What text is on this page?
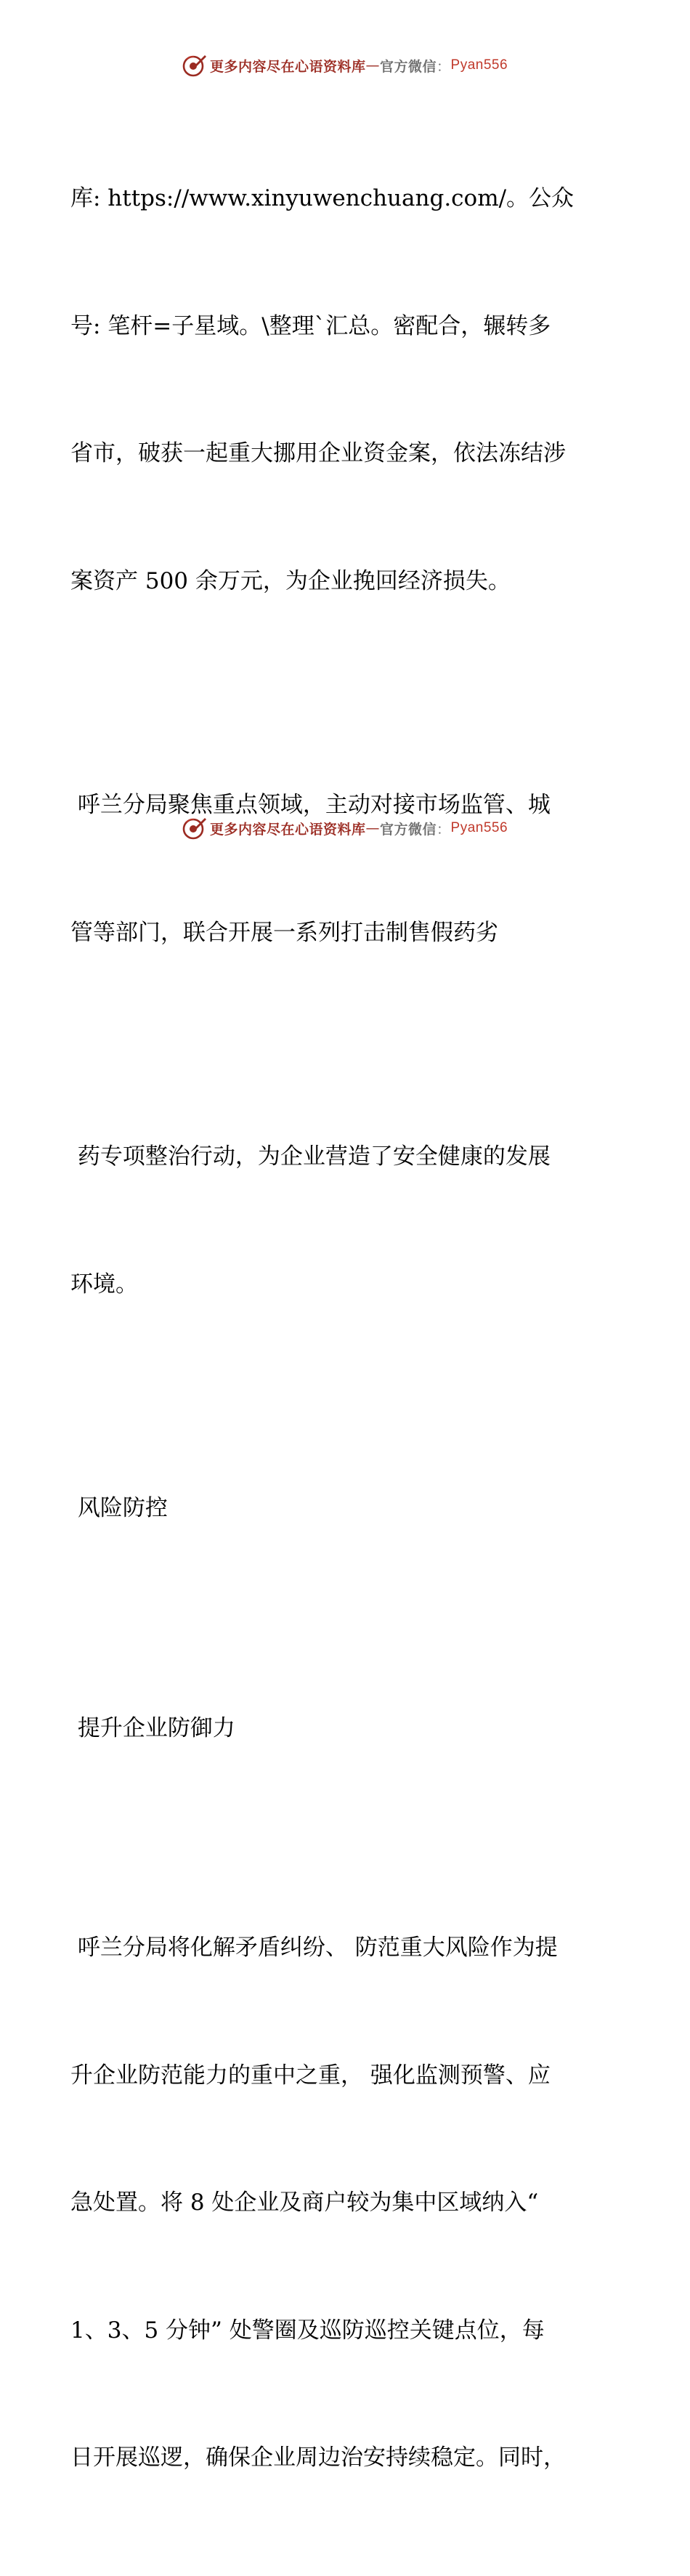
更多内容尽在心语资料库 — 官方微信 ： Pyan556

库: https://www.xinyuwenchuang.com/。公众

号: 笔杆=子星域。\整理`汇总。密配合，辗转多

省市，破获一起重大挪用企业资金案，依法冻结涉

案资产 500 余万元，为企业挽回经济损失。

呼兰分局聚焦重点领域，主动对接市场监管、城

管等部门，联合开展一系列打击制售假药劣

药专项整治行动，为企业营造了安全健康的发展

环境。

风险防控

提升企业防御力

呼兰分局将化解矛盾纠纷、 防范重大风险作为提

升企业防范能力的重中之重， 强化监测预警、应

急处置。将 8 处企业及商户较为集中区域纳入“

1、3、5 分钟” 处警圈及巡防巡控关键点位，每

日开展巡逻，确保企业周边治安持续稳定。同时，

更多内容尽在心语资料库 — 官方微信 ： Pyan556
